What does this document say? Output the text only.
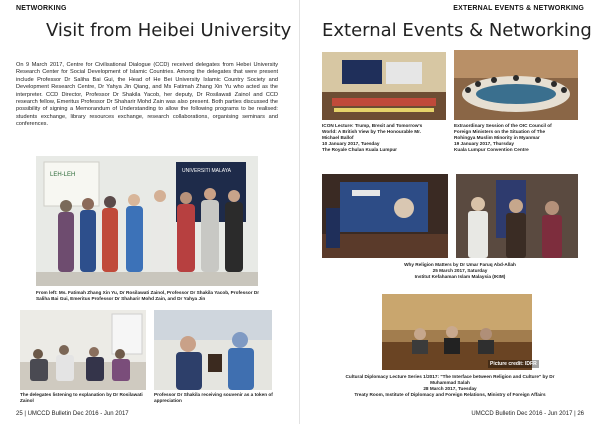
NETWORKING
Visit from Heibei University
On 9 March 2017, Centre for Civilisational Dialogue (CCD) received delegates from Hebei University Research Center for Social Development of Islamic Countries. Among the delegates that were present include Professor Dr Saliha Bai Gui, the Head of He Bei University Islamic Country Society and Development Research Centre, Dr Yahya Jin Qiang, and Ms Fatimah Zhang Xin Yu who acted as the interpreter. CCD Director, Professor Dr Shakila Yacob, her deputy, Dr Rosilawati Zainol and CCD research fellow, Emeritus Professor Dr Shaharir Mohd Zain was also present. Both parties discussed the possibility of signing a Memorandum of Understanding to allow the following programs to be realised: students exchange, library resources exchange, research collaborations, organising seminars and conferences.
LEH-LEH
UNIVERSITI MALAYA
From left: Ms. Fatimah Zhang Xin Yu, Dr Rosilawati Zainol, Professor Dr Shakila Yacob, Professor Dr Saliha Bai Gui, Emeritus Professor Dr Shaharir Mohd Zain, and Dr Yahya Jin
The delegates listening to explanation by Dr Rosilawati Zainol
Professor Dr Shakila receiving souvenir as a token of appreciation
25 | UMCCD Bulletin Dec 2016 - Jun 2017
EXTERNAL EVENTS & NETWORKING
External Events & Networking
ICON Lecture: Trump, Brexit and Tomorrow's
World: A British View by The Honourable Mr.
Michael Ballof
10 January 2017, Tuesday
The Royale Chulan Kuala Lumpur
Extraordinary Session of the OIC Council of
Foreign Ministers on the Situation of The
Rohingya Muslim Minority in Myanmar
19 January 2017, Thursday
Kuala Lumpur Convention Centre
Why Religion Matters by Dr Umar Faruq Abd-Allah
25 March 2017, Saturday
Institut Kefahaman Islam Malaysia (IKIM)
Picture credit: IDFR
Cultural Diplomacy Lecture Series 1/2017: "The Interface between Religion and Culture" by Dr
Muhammad Salah
28 March 2017, Tuesday
Treaty Room, Institute of Diplomacy and Foreign Relations, Ministry of Foreign Affairs
UMCCD Bulletin Dec 2016 - Jun 2017 | 26
